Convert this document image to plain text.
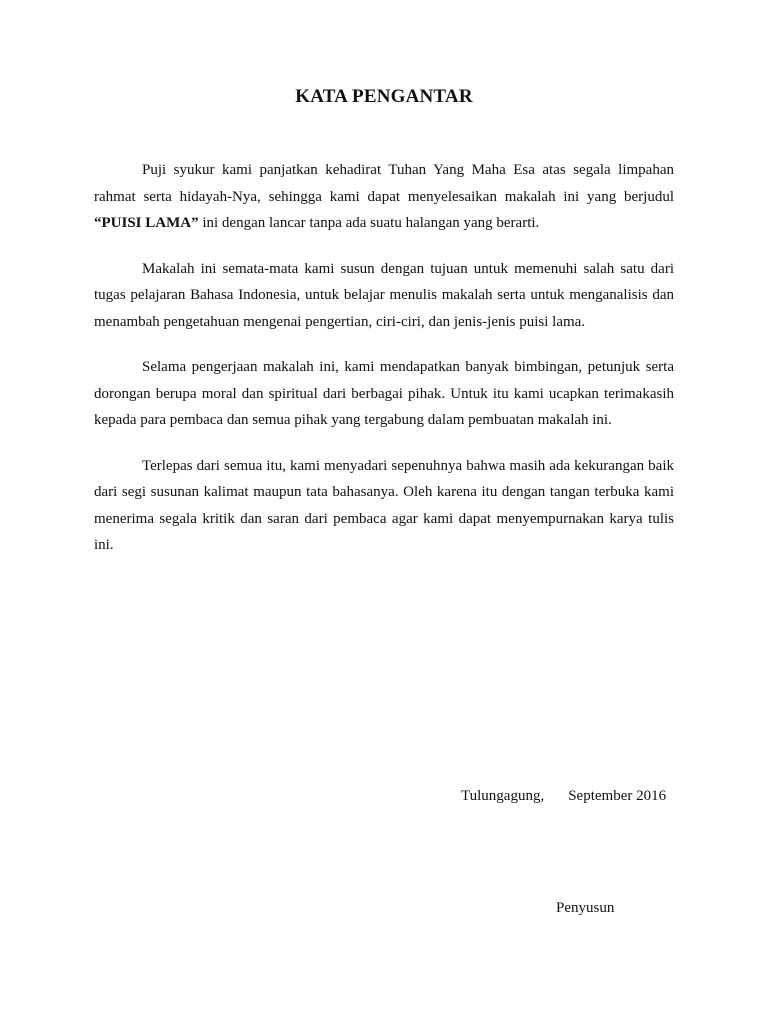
KATA PENGANTAR

Puji syukur kami panjatkan kehadirat Tuhan Yang Maha Esa atas segala limpahan rahmat serta hidayah-Nya, sehingga kami dapat menyelesaikan makalah ini yang berjudul “PUISI LAMA” ini dengan lancar tanpa ada suatu halangan yang berarti.

Makalah ini semata-mata kami susun dengan tujuan untuk memenuhi salah satu dari tugas pelajaran Bahasa Indonesia, untuk belajar menulis makalah serta untuk menganalisis dan menambah pengetahuan mengenai pengertian, ciri-ciri, dan jenis-jenis puisi lama.

Selama pengerjaan makalah ini, kami mendapatkan banyak bimbingan, petunjuk serta dorongan berupa moral dan spiritual dari berbagai pihak. Untuk itu kami ucapkan terimakasih kepada para pembaca dan semua pihak yang tergabung dalam pembuatan makalah ini.

Terlepas dari semua itu, kami menyadari sepenuhnya bahwa masih ada kekurangan baik dari segi susunan kalimat maupun tata bahasanya. Oleh karena itu dengan tangan terbuka kami menerima segala kritik dan saran dari pembaca agar kami dapat menyempurnakan karya tulis ini.

Tulungagung, September 2016

Penyusun
